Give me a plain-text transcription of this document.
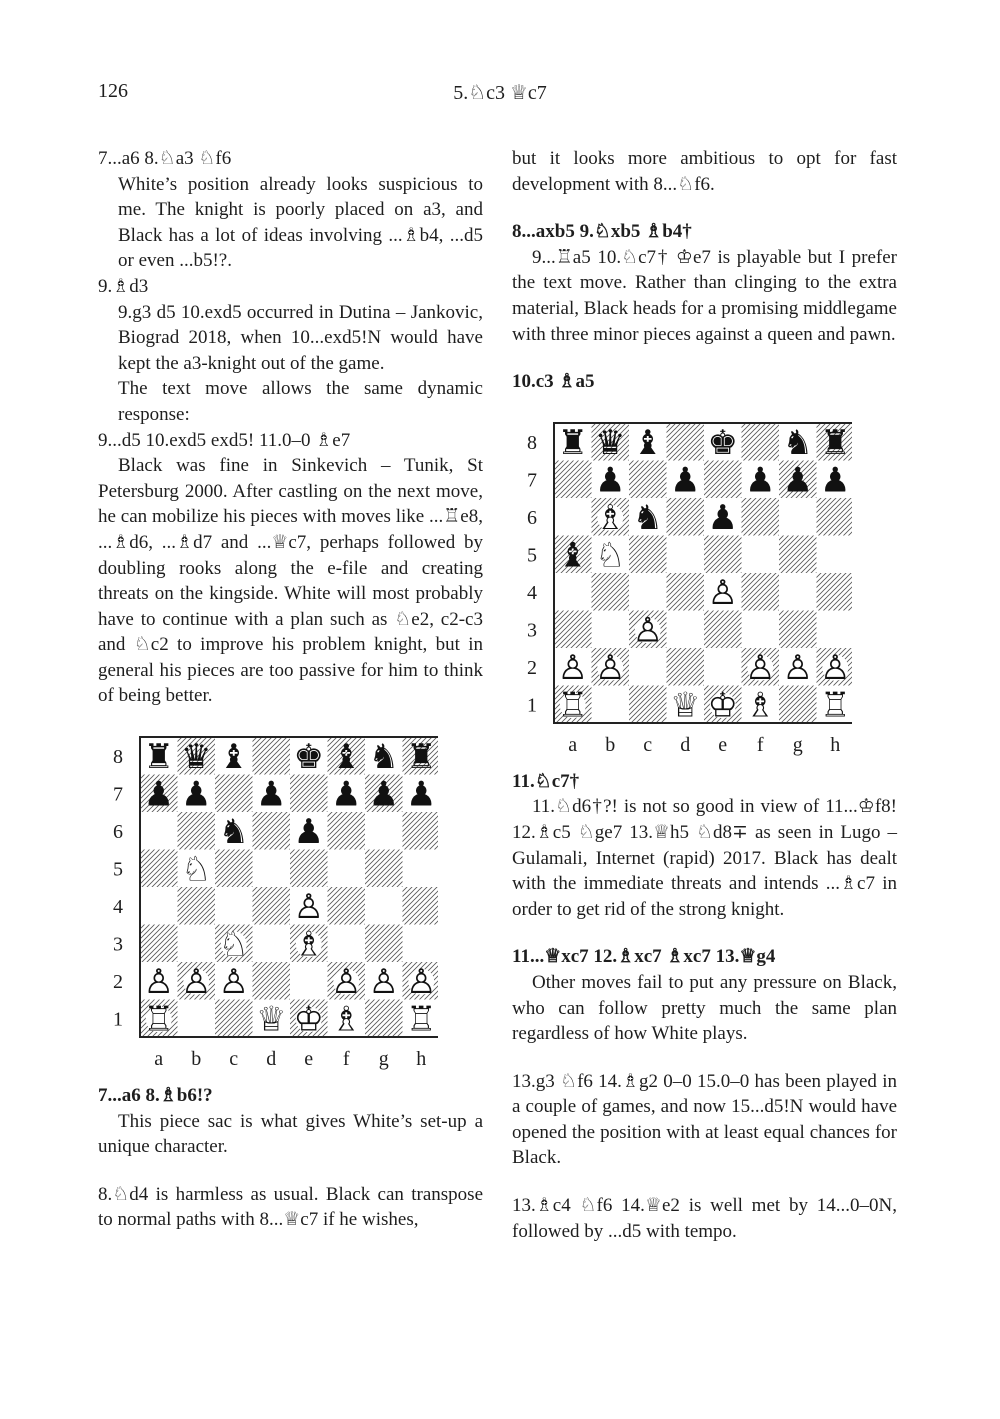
126	5.♘c3 ♕c7

7...a6 8.♘a3 ♘f6

White’s position already looks suspicious to me. The knight is poorly placed on a3, and Black has a lot of ideas involving ...♗b4, ...d5 or even ...b5!?.

9.♗d3

9.g3 d5 10.exd5 occurred in Dutina – Jankovic, Biograd 2018, when 10...exd5!N would have kept the a3-knight out of the game.

The text move allows the same dynamic response:

9...d5 10.exd5 exd5! 11.0–0 ♗e7

Black was fine in Sinkevich – Tunik, St Petersburg 2000. After castling on the next move, he can mobilize his pieces with moves like ...♖e8, ...♗d6, ...♗d7 and ...♕c7, perhaps followed by doubling rooks along the e-file and creating threats on the kingside. White will most probably have to continue with a plan such as ♘e2, c2-c3 and ♘c2 to improve his problem knight, but in general his pieces are too passive for him to think of being better.

8
7
6
5
4
3
2
1
a b c d e f g h
♜ ♛ ♝ ♚ ♝ ♞ ♜
♟ ♟ ♟ ♟ ♟ ♟
♞ ♟
♘
♙
♘ ♗
♙ ♙ ♙ ♙ ♙ ♙
♖ ♕ ♔ ♗ ♖

7...a6 8.♗b6!?

This piece sac is what gives White’s set-up a unique character.

8.♘d4 is harmless as usual. Black can transpose to normal paths with 8...♕c7 if he wishes,

but it looks more ambitious to opt for fast development with 8...♘f6.

8...axb5 9.♘xb5 ♗b4†

9...♖a5 10.♘c7† ♔e7 is playable but I prefer the text move. Rather than clinging to the extra material, Black heads for a promising middlegame with three minor pieces against a queen and pawn.

10.c3 ♗a5

8
7
6
5
4
3
2
1
a b c d e f g h
♜ ♛ ♝ ♚ ♞ ♜
♟ ♟ ♟ ♟ ♟
♗ ♞ ♟
♝ ♘
♙
♙
♙ ♙	♙ ♙ ♙
♖ ♕ ♔ ♗ ♖

11.♘c7†

11.♘d6†?! is not so good in view of 11...♔f8! 12.♗c5 ♘ge7 13.♕h5 ♘d8∓ as seen in Lugo – Gulamali, Internet (rapid) 2017. Black has dealt with the immediate threats and intends ...♗c7 in order to get rid of the strong knight.

11...♕xc7 12.♗xc7 ♗xc7 13.♕g4

Other moves fail to put any pressure on Black, who can follow pretty much the same plan regardless of how White plays.

13.g3 ♘f6 14.♗g2 0–0 15.0–0 has been played in a couple of games, and now 15...d5!N would have opened the position with at least equal chances for Black.

13.♗c4 ♘f6 14.♕e2 is well met by 14...0–0N, followed by ...d5 with tempo.
